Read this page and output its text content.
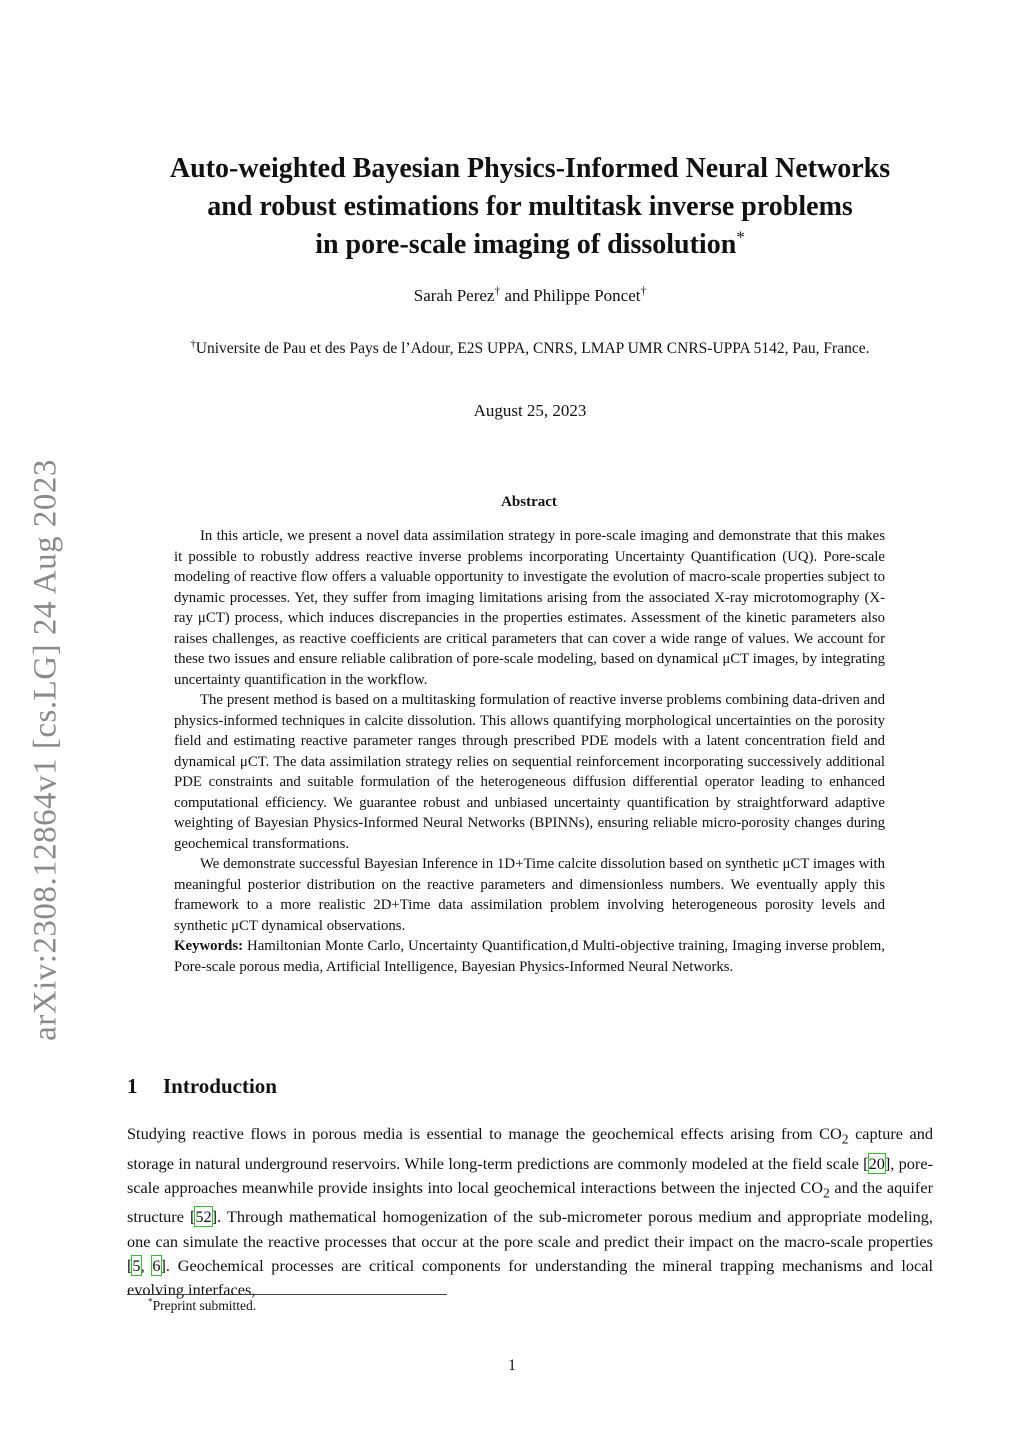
arXiv:2308.12864v1 [cs.LG] 24 Aug 2023
Auto-weighted Bayesian Physics-Informed Neural Networks
and robust estimations for multitask inverse problems
in pore-scale imaging of dissolution*
Sarah Perez† and Philippe Poncet†
†Universite de Pau et des Pays de l’Adour, E2S UPPA, CNRS, LMAP UMR CNRS-UPPA 5142, Pau, France.
August 25, 2023
Abstract

In this article, we present a novel data assimilation strategy in pore-scale imaging and demonstrate that this makes it possible to robustly address reactive inverse problems incorporating Uncertainty Quantification (UQ). Pore-scale modeling of reactive flow offers a valuable opportunity to investigate the evolution of macro-scale properties subject to dynamic processes. Yet, they suffer from imaging limitations arising from the associated X-ray microtomography (X-ray μCT) process, which induces discrepancies in the properties estimates. Assessment of the kinetic parameters also raises challenges, as reactive coefficients are critical parameters that can cover a wide range of values. We account for these two issues and ensure reliable calibration of pore-scale modeling, based on dynamical μCT images, by integrating uncertainty quantification in the workflow.

The present method is based on a multitasking formulation of reactive inverse problems combining data-driven and physics-informed techniques in calcite dissolution. This allows quantifying morphological uncertainties on the porosity field and estimating reactive parameter ranges through prescribed PDE models with a latent concentration field and dynamical μCT. The data assimilation strategy relies on sequential reinforcement incorporating successively additional PDE constraints and suitable formulation of the heterogeneous diffusion differential operator leading to enhanced computational efficiency. We guarantee robust and unbiased uncertainty quantification by straightforward adaptive weighting of Bayesian Physics-Informed Neural Networks (BPINNs), ensuring reliable micro-porosity changes during geochemical transformations.

We demonstrate successful Bayesian Inference in 1D+Time calcite dissolution based on synthetic μCT images with meaningful posterior distribution on the reactive parameters and dimensionless numbers. We eventually apply this framework to a more realistic 2D+Time data assimilation problem involving heterogeneous porosity levels and synthetic μCT dynamical observations.

Keywords: Hamiltonian Monte Carlo, Uncertainty Quantification,d Multi-objective training, Imaging inverse problem, Pore-scale porous media, Artificial Intelligence, Bayesian Physics-Informed Neural Networks.

1 Introduction

Studying reactive flows in porous media is essential to manage the geochemical effects arising from $CO_2$ capture and storage in natural underground reservoirs. While long-term predictions are commonly modeled at the field scale [20], pore-scale approaches meanwhile provide insights into local geochemical interactions between the injected $CO_2$ and the aquifer structure [52]. Through mathematical homogenization of the sub-micrometer porous medium and appropriate modeling, one can simulate the reactive processes that occur at the pore scale and predict their impact on the macro-scale properties [5, 6]. Geochemical processes are critical components for understanding the mineral trapping mechanisms and local evolving interfaces,

*Preprint submitted.
1
